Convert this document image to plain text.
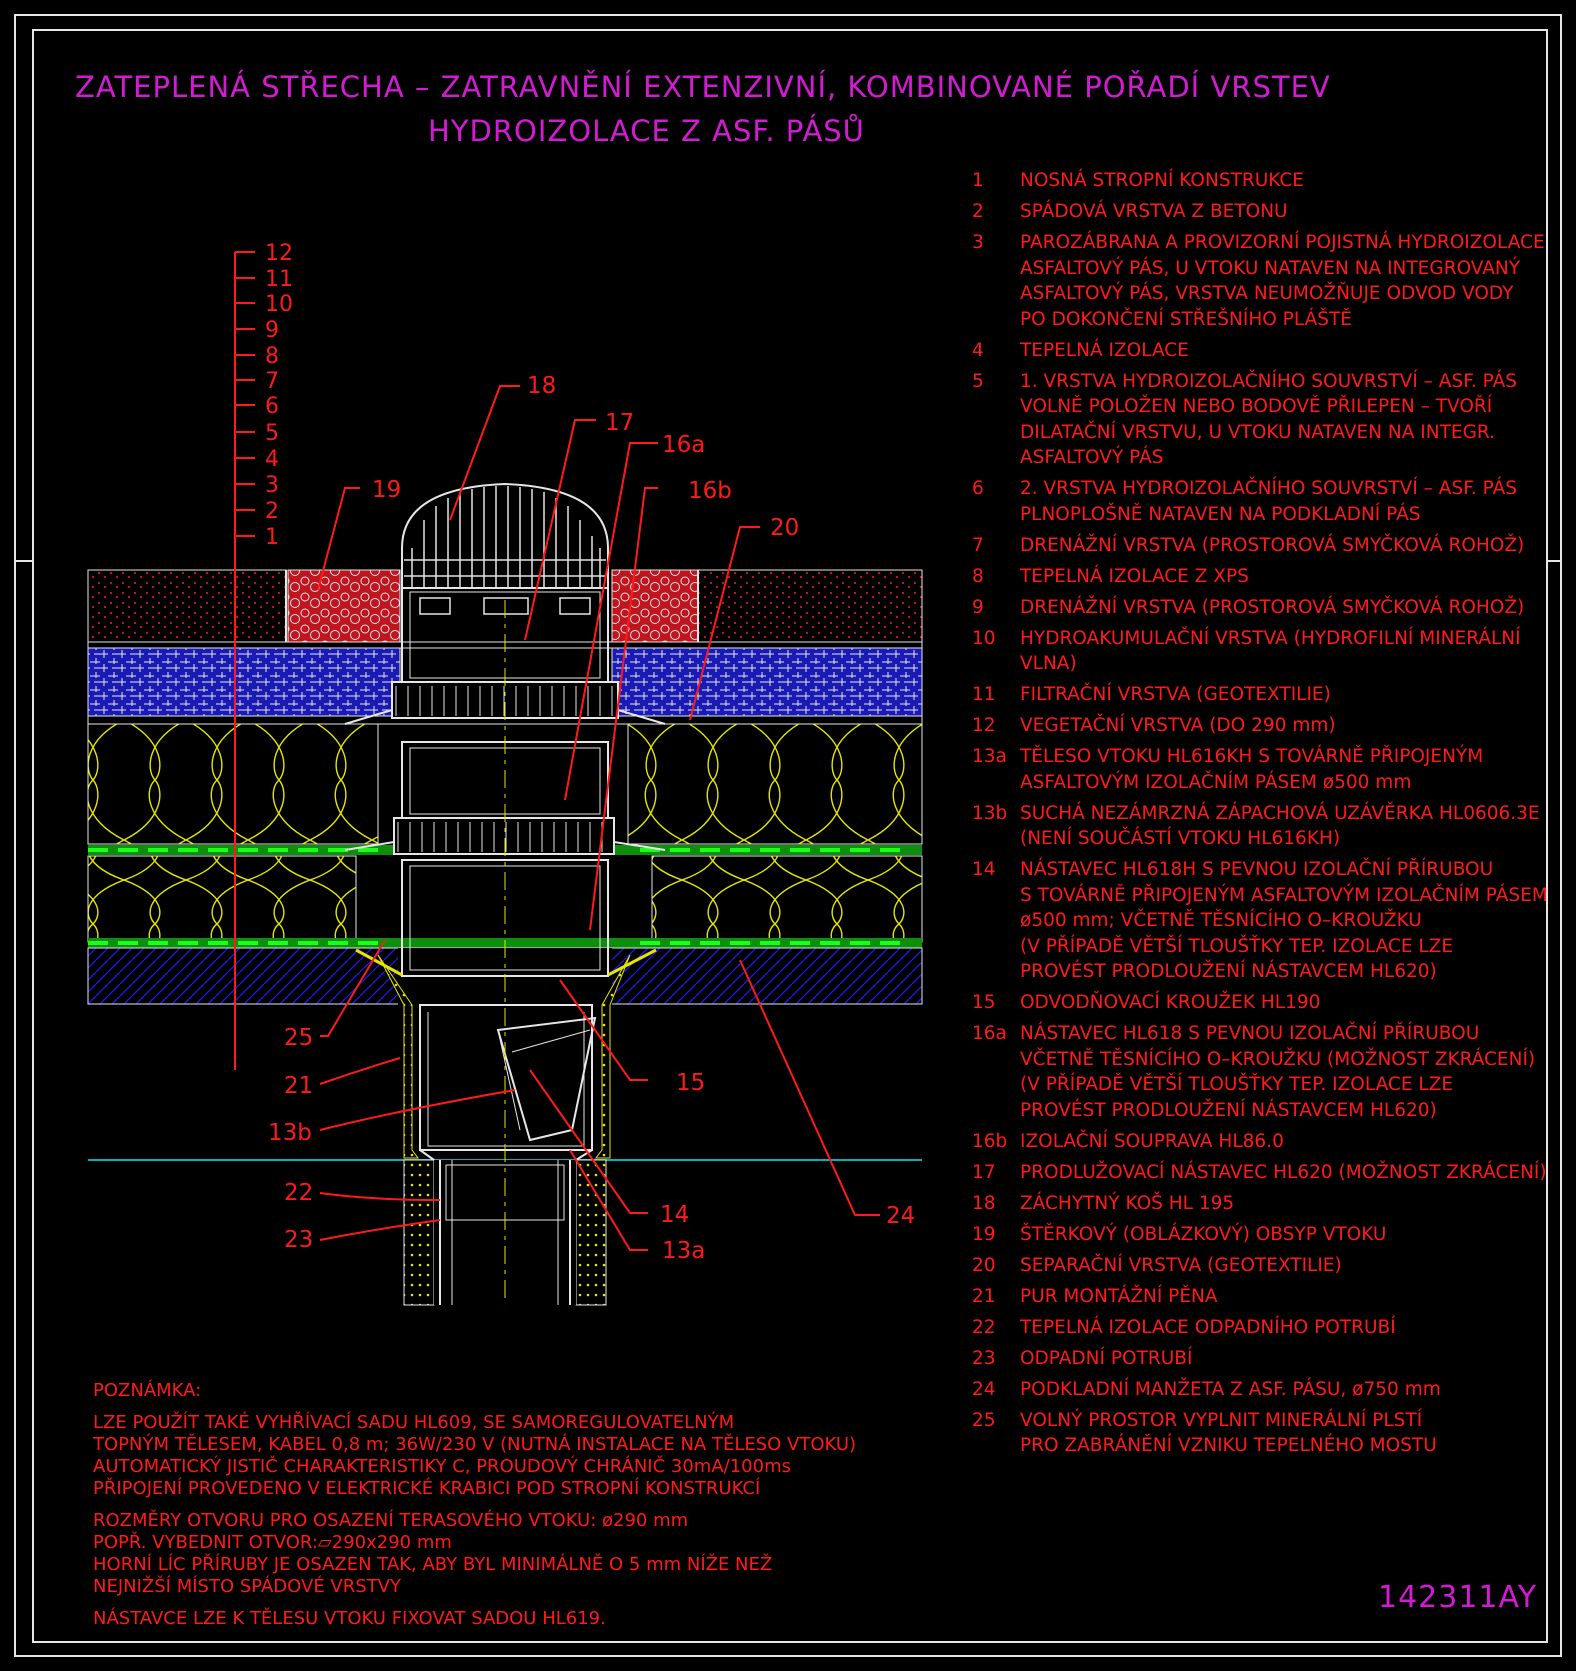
ZATEPLENÁ STŘECHA – ZATRAVNĚNÍ EXTENZIVNÍ, KOMBINOVANÉ POŘADÍ VRSTEV
HYDROIZOLACE Z ASF. PÁSŮ
1
2
3
4
5
6
7
8
9
10
11
12
18
17
16a
16b
19
20
25
21
13b
15
14
22
23	13a
24
1	NOSNÁ STROPNÍ KONSTRUKCE
2	SPÁDOVÁ VRSTVA Z BETONU
3	PAROZÁBRANA A PROVIZORNÍ POJISTNÁ HYDROIZOLACE
ASFALTOVÝ PÁS, U VTOKU NATAVEN NA INTEGROVANÝ
ASFALTOVÝ PÁS, VRSTVA NEUMOŽŇUJE ODVOD VODY
PO DOKONČENÍ STŘEŠNÍHO PLÁŠTĚ
4	TEPELNÁ IZOLACE
5	1. VRSTVA HYDROIZOLAČNÍHO SOUVRSTVÍ – ASF. PÁS
VOLNĚ POLOŽEN NEBO BODOVĚ PŘILEPEN – TVOŘÍ
DILATAČNÍ VRSTVU, U VTOKU NATAVEN NA INTEGR.
ASFALTOVÝ PÁS
6	2. VRSTVA HYDROIZOLAČNÍHO SOUVRSTVÍ – ASF. PÁS
PLNOPLOŠNĚ NATAVEN NA PODKLADNÍ PÁS
7	DRENÁŽNÍ VRSTVA (PROSTOROVÁ SMYČKOVÁ ROHOŽ)
8	TEPELNÁ IZOLACE Z XPS
9	DRENÁŽNÍ VRSTVA (PROSTOROVÁ SMYČKOVÁ ROHOŽ)
10	HYDROAKUMULAČNÍ VRSTVA (HYDROFILNÍ MINERÁLNÍ VLNA)
11	FILTRAČNÍ VRSTVA (GEOTEXTILIE)
12	VEGETAČNÍ VRSTVA (DO 290 mm)
13a TĚLESO VTOKU HL616KH S TOVÁRNĚ PŘIPOJENÝM
ASFALTOVÝM IZOLAČNÍM PÁSEM ø500 mm
13b SUCHÁ NEZÁMRZNÁ ZÁPACHOVÁ UZÁVĚRKA HL0606.3E
(NENÍ SOUČÁSTÍ VTOKU HL616KH)
14	NÁSTAVEC HL618H S PEVNOU IZOLAČNÍ PŘÍRUBOU
S TOVÁRNĚ PŘIPOJENÝM ASFALTOVÝM IZOLAČNÍM PÁSEM
ø500 mm; VČETNĚ TĚSNÍCÍHO O–KROUŽKU
(V PŘÍPADĚ VĚTŠÍ TLOUŠŤKY TEP. IZOLACE LZE
PROVÉST PRODLOUŽENÍ NÁSTAVCEM HL620)
15	ODVODŇOVACÍ KROUŽEK HL190
16a NÁSTAVEC HL618 S PEVNOU IZOLAČNÍ PŘÍRUBOU
VČETNĚ TĚSNÍCÍHO O–KROUŽKU (MOŽNOST ZKRÁCENÍ)
(V PŘÍPADĚ VĚTŠÍ TLOUŠŤKY TEP. IZOLACE LZE
PROVÉST PRODLOUŽENÍ NÁSTAVCEM HL620)
16b IZOLAČNÍ SOUPRAVA HL86.0
17	PRODLUŽOVACÍ NÁSTAVEC HL620 (MOŽNOST ZKRÁCENÍ)
18	ZÁCHYTNÝ KOŠ HL 195
19	ŠTĚRKOVÝ (OBLÁZKOVÝ) OBSYP VTOKU
20	SEPARAČNÍ VRSTVA (GEOTEXTILIE)
21	PUR MONTÁŽNÍ PĚNA
22	TEPELNÁ IZOLACE ODPADNÍHO POTRUBÍ
23	ODPADNÍ POTRUBÍ
24	PODKLADNÍ MANŽETA Z ASF. PÁSU, ø750 mm
25	VOLNÝ PROSTOR VYPLNIT MINERÁLNÍ PLSTÍ
PRO ZABRÁNĚNÍ VZNIKU TEPELNÉHO MOSTU

POZNÁMKA:

LZE POUŽÍT TAKÉ VYHŘÍVACÍ SADU HL609, SE SAMOREGULOVATELNÝM
TOPNÝM TĚLESEM, KABEL 0,8 m; 36W/230 V (NUTNÁ INSTALACE NA TĚLESO VTOKU)
AUTOMATICKÝ JISTIČ CHARAKTERISTIKY C, PROUDOVÝ CHRÁNIČ 30mA/100ms
PŘIPOJENÍ PROVEDENO V ELEKTRICKÉ KRABICI POD STROPNÍ KONSTRUKCÍ

ROZMĚRY OTVORU PRO OSAZENÍ TERASOVÉHO VTOKU: ø290 mm
POPŘ. VYBEDNIT OTVOR:▱290x290 mm
HORNÍ LÍC PŘÍRUBY JE OSAZEN TAK, ABY BYL MINIMÁLNĚ O 5 mm NÍŽE NEŽ
NEJNIŽŠÍ MÍSTO SPÁDOVÉ VRSTVY

NÁSTAVCE LZE K TĚLESU VTOKU FIXOVAT SADOU HL619.

142311AY
